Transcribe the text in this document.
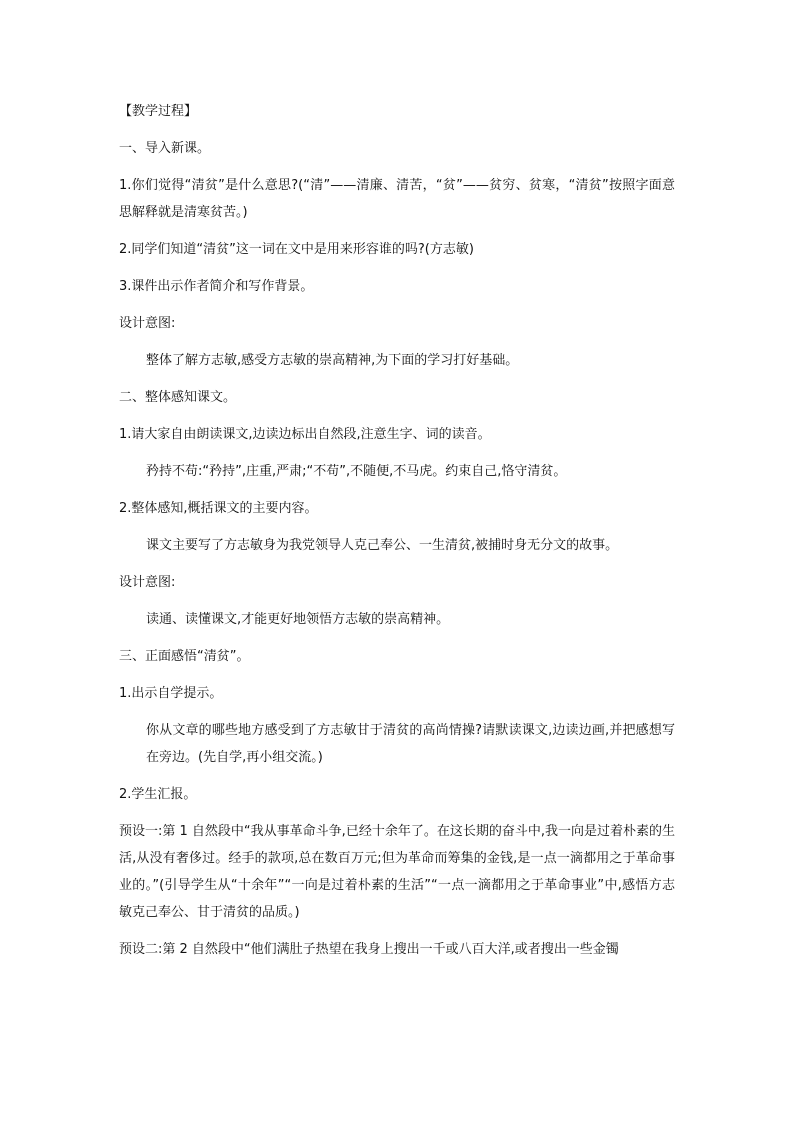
【教学过程】

一、导入新课。

1.你们觉得“清贫”是什么意思?(“清”——清廉、清苦，“贫”——贫穷、贫寒，“清贫”按照字面意思解释就是清寒贫苦。)

2.同学们知道“清贫”这一词在文中是用来形容谁的吗?(方志敏)

3.课件出示作者简介和写作背景。

设计意图:

整体了解方志敏,感受方志敏的崇高精神,为下面的学习打好基础。

二、整体感知课文。

1.请大家自由朗读课文,边读边标出自然段,注意生字、词的读音。

矜持不苟:“矜持”,庄重,严肃;“不苟”,不随便,不马虎。约束自己,恪守清贫。

2.整体感知,概括课文的主要内容。

课文主要写了方志敏身为我党领导人克己奉公、一生清贫,被捕时身无分文的故事。

设计意图:

读通、读懂课文,才能更好地领悟方志敏的崇高精神。

三、正面感悟“清贫”。

1.出示自学提示。

你从文章的哪些地方感受到了方志敏甘于清贫的高尚情操?请默读课文,边读边画,并把感想写在旁边。(先自学,再小组交流。)

2.学生汇报。

预设一:第 1 自然段中“我从事革命斗争,已经十余年了。在这长期的奋斗中,我一向是过着朴素的生活,从没有奢侈过。经手的款项,总在数百万元;但为革命而筹集的金钱,是一点一滴都用之于革命事业的。”(引导学生从“十余年”“一向是过着朴素的生活”“一点一滴都用之于革命事业”中,感悟方志敏克己奉公、甘于清贫的品质。)

预设二:第 2 自然段中“他们满肚子热望在我身上搜出一千或八百大洋,或者搜出一些金镯
